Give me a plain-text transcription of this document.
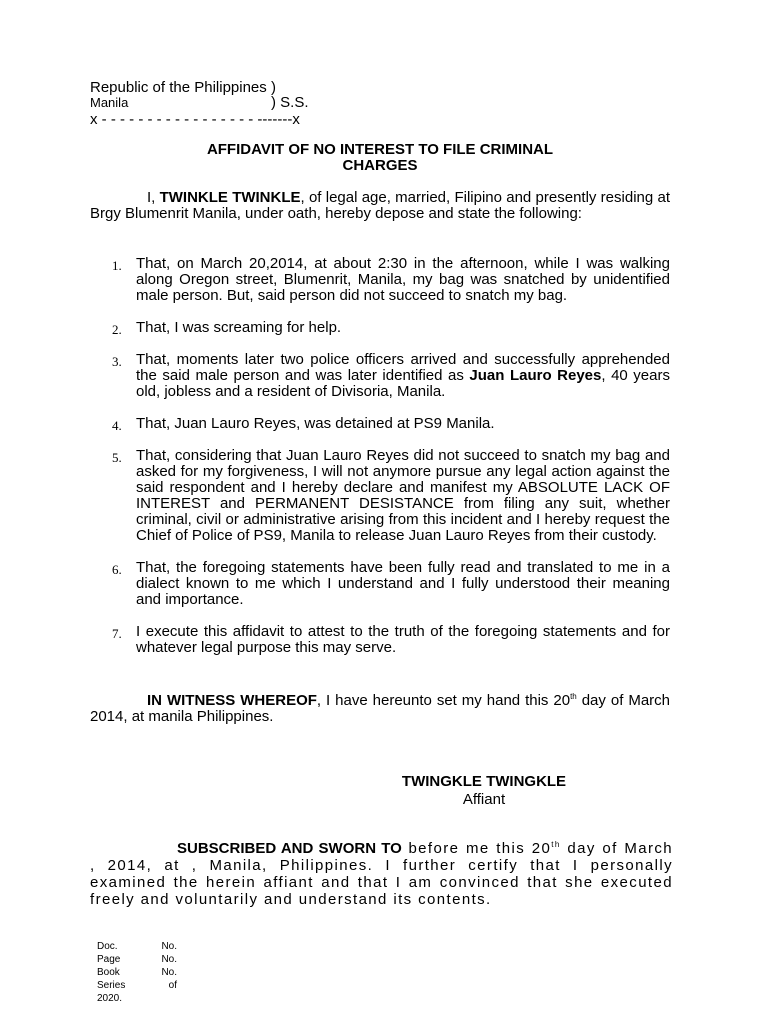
Republic of the Philippines )
Manila	) S.S.
x - - - - - - - - - - - - - - - - - -------x
AFFIDAVIT OF NO INTEREST TO FILE CRIMINAL
CHARGES
I, TWINKLE TWINKLE, of legal age, married, Filipino and presently residing at Brgy Blumenrit Manila, under oath, hereby depose and state the following:
1. That, on March 20,2014, at about 2:30 in the afternoon, while I was walking along Oregon street, Blumenrit, Manila, my bag was snatched by unidentified male person. But, said person did not succeed to snatch my bag.
2. That, I was screaming for help.
3. That, moments later two police officers arrived and successfully apprehended the said male person and was later identified as Juan Lauro Reyes, 40 years old, jobless and a resident of Divisoria, Manila.
4. That, Juan Lauro Reyes, was detained at PS9 Manila.
5. That, considering that Juan Lauro Reyes did not succeed to snatch my bag and asked for my forgiveness, I will not anymore pursue any legal action against the said respondent and I hereby declare and manifest my ABSOLUTE LACK OF INTEREST and PERMANENT DESISTANCE from filing any suit, whether criminal, civil or administrative arising from this incident and I hereby request the Chief of Police of PS9, Manila to release Juan Lauro Reyes from their custody.
6. That, the foregoing statements have been fully read and translated to me in a dialect known to me which I understand and I fully understood their meaning and importance.
7. I execute this affidavit to attest to the truth of the foregoing statements and for whatever legal purpose this may serve.
IN WITNESS WHEREOF, I have hereunto set my hand this 20th day of March 2014, at manila Philippines.
TWINGKLE TWINGKLE
Affiant
SUBSCRIBED AND SWORN TO before me this 20th day of March , 2014, at , Manila, Philippines. I further certify that I personally examined the herein affiant and that I am convinced that she executed freely and voluntarily and understand its contents.
Doc.	No.
Page	No.
Book	No.
Series	of
2020.
